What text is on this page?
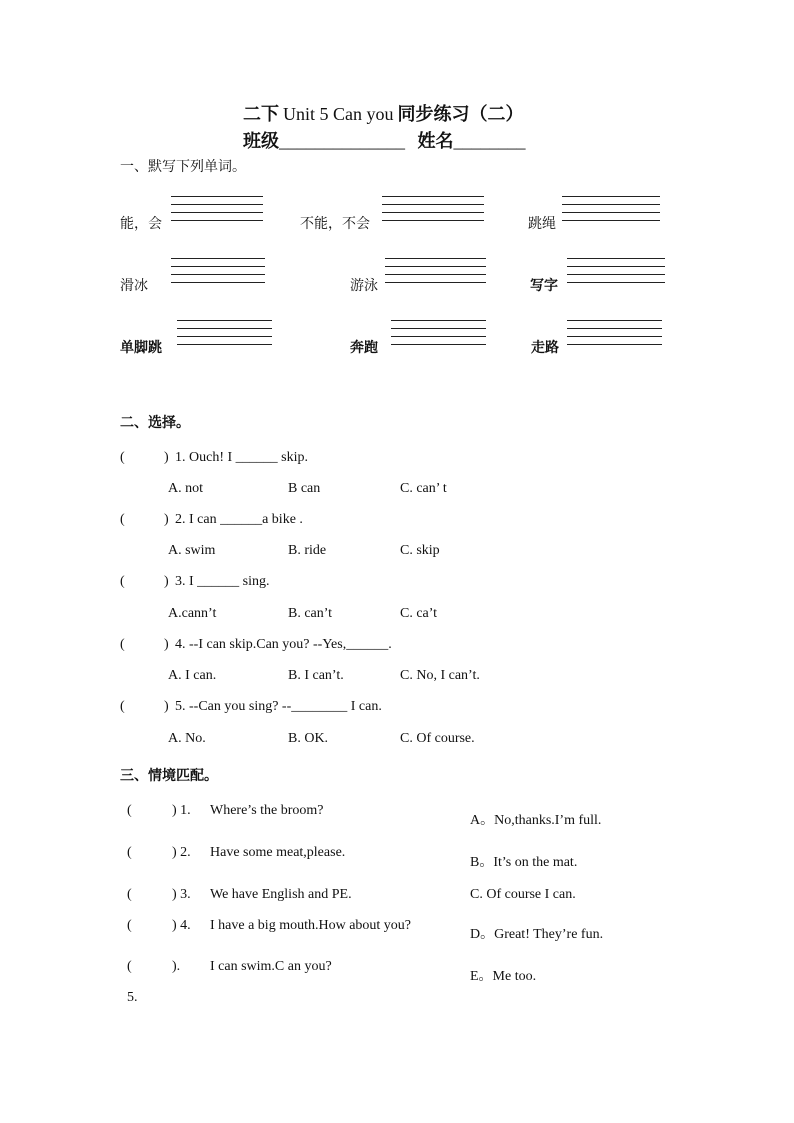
二下 Unit 5 Can you 同步练习（二）
班级______________ 姓名________
一、默写下列单词。
能，会	不能，不会	跳绳
滑冰	游泳	写字
单脚跳	奔跑	走路
二、选择。
(	) 1. Ouch! I ______ skip.
A. not	B can	C. can’ t
(	) 2. I can ______a bike .
A. swim	B. ride	C. skip
(	) 3. I ______ sing.
A.cann’t	B. can’t	C. ca’t
(	) 4. --I can skip.Can you? --Yes,______.
A. I can.	B. I can’t.	C. No, I can’t.
(	) 5. --Can you sing? --________ I can.
A. No.	B. OK.	C. Of course.
三、情境匹配。
(	) 1. Where’s the broom?
(	) 2. Have some meat,please.
(	) 3. We have English and PE.
(	) 4. I have a big mouth.How about you?
(	). I can swim.C an you?
5.
A。No,thanks.I’m full.
B。It’s on the mat.
C. Of course I can.
D。Great! They’re fun.
E。Me too.
